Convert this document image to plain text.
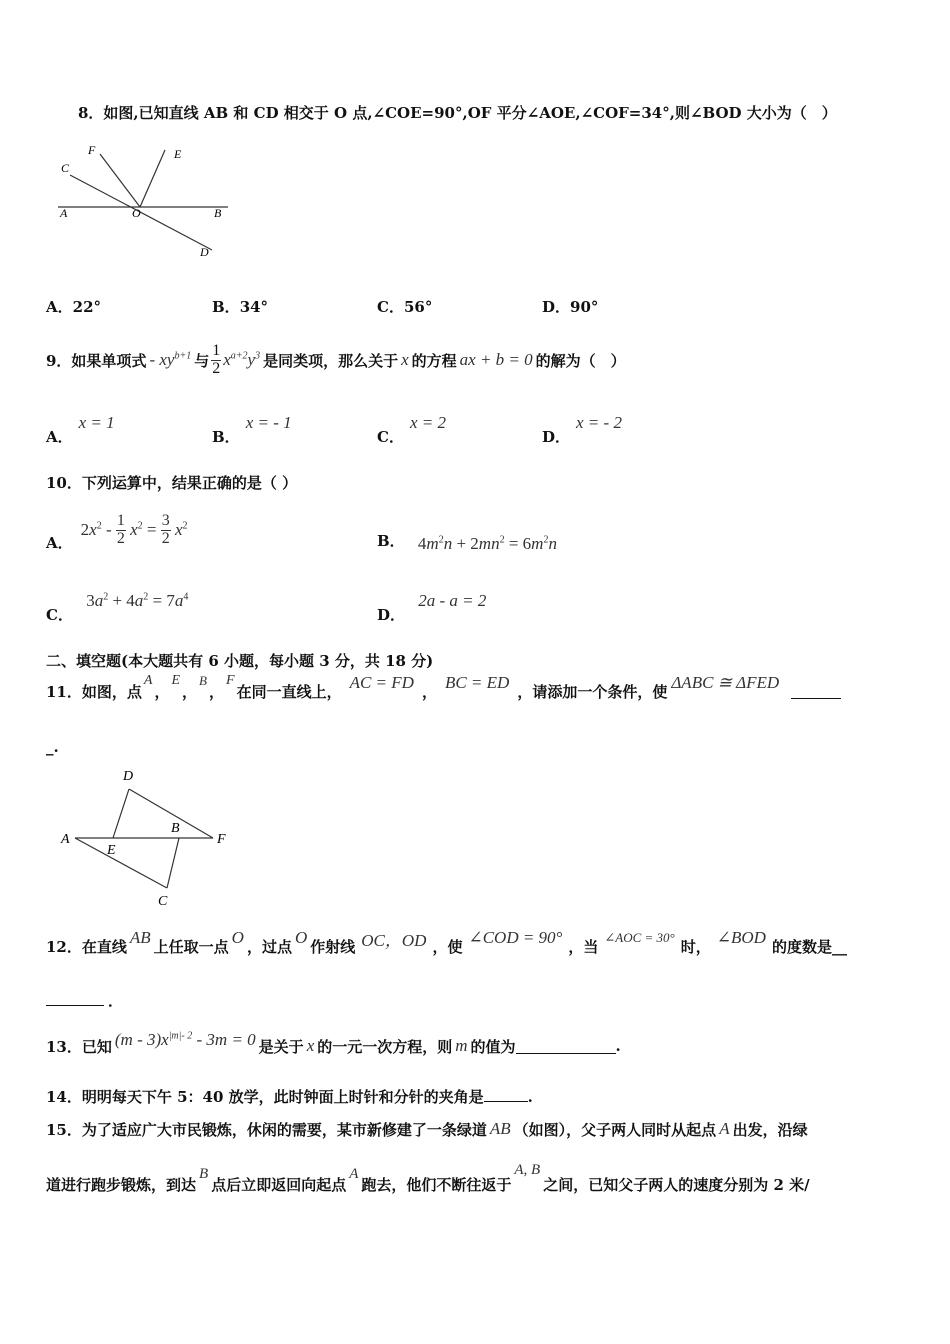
8．如图,已知直线 AB 和 CD 相交于 O 点,∠COE=90°,OF 平分∠AOE,∠COF=34°,则∠BOD 大小为（　）
C
F	E
A	O	B
D
A．22°	B．34°	C．56°	D．90°
9．如果单项式 - $xy^{b+1}$ 与 $\frac{1}{2} x^{a+2}y^3$ 是同类项，那么关于 x 的方程 ax + b = 0 的解为（　）
A．x = 1
B．x = - 1
C．x = 2
D．x = - 2
10．下列运算中，结果正确的是（ ）
A．
$2x^2 - \frac{1}{2} x^2 = \frac{3}{2} x^2$
B． $4m^2n + 2mn^2 = 6m^2n$
C． $3a^2 + 4a^2 = 7a^4$
D． 2a - a = 2
二、填空题(本大题共有 6 小题，每小题 3 分，共 18 分)
11．如图，点
A
，
E
，
B
，
F
在同一直线上， AC = FD ， BC = ED ，请添加一个条件，使 ΔABC ≅ ΔFED
_.
D
A
E
B
F
C
12．在直线 AB 上任取一点 O ，过点 O 作射线 OC，OD ，使 ∠COD = 90° ，当 ∠AOC = 30° 时， ∠BOD 的度数是__
．
13．已知 $(m - 3)x^{|m|- 2} - 3m = 0$ 是关于 x 的一元一次方程，则 m 的值为	.
14．明明每天下午 5：40 放学，此时钟面上时针和分针的夹角是	.
15．为了适应广大市民锻炼，休闲的需要，某市新修建了一条绿道 AB （如图），父子两人同时从起点 A 出发，沿绿
道进行跑步锻炼，到达
B
点后立即返回向起点
A
跑去，他们不断往返于
A, B
之间，已知父子两人的速度分别为 2 米/
